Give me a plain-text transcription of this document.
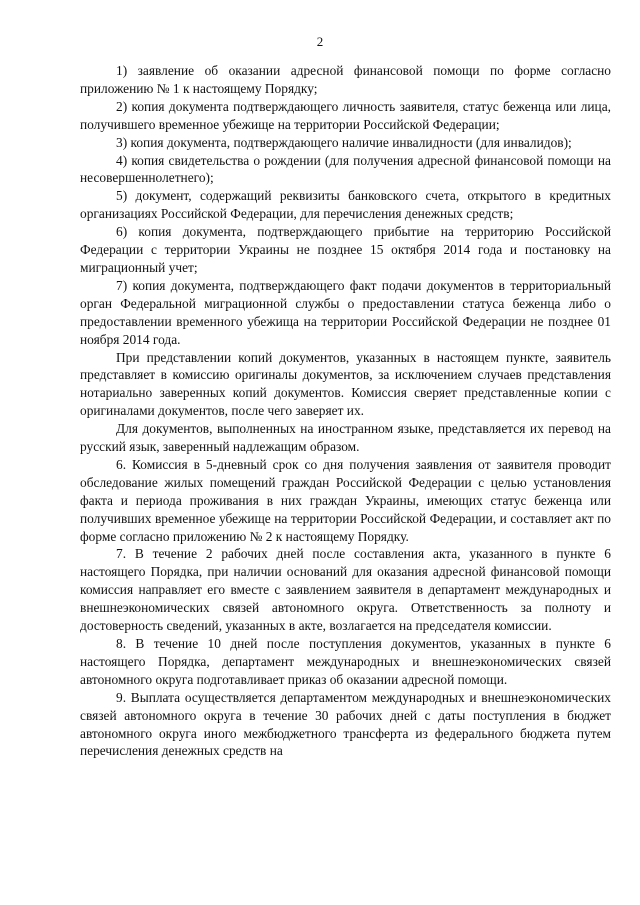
2

1) заявление об оказании адресной финансовой помощи по форме согласно приложению № 1 к настоящему Порядку;

2) копия документа подтверждающего личность заявителя, статус беженца или лица, получившего временное убежище на территории Российской Федерации;

3) копия документа, подтверждающего наличие инвалидности (для инвалидов);

4) копия свидетельства о рождении (для получения адресной финансовой помощи на несовершеннолетнего);

5) документ, содержащий реквизиты банковского счета, открытого в кредитных организациях Российской Федерации, для перечисления денежных средств;

6) копия документа, подтверждающего прибытие на территорию Российской Федерации с территории Украины не позднее 15 октября 2014 года и постановку на миграционный учет;

7) копия документа, подтверждающего факт подачи документов в территориальный орган Федеральной миграционной службы о предоставлении статуса беженца либо о предоставлении временного убежища на территории Российской Федерации не позднее 01 ноября 2014 года.

При представлении копий документов, указанных в настоящем пункте, заявитель представляет в комиссию оригиналы документов, за исключением случаев представления нотариально заверенных копий документов. Комиссия сверяет представленные копии с оригиналами документов, после чего заверяет их.

Для документов, выполненных на иностранном языке, представляется их перевод на русский язык, заверенный надлежащим образом.

6. Комиссия в 5-дневный срок со дня получения заявления от заявителя проводит обследование жилых помещений граждан Российской Федерации с целью установления факта и периода проживания в них граждан Украины, имеющих статус беженца или получивших временное убежище на территории Российской Федерации, и составляет акт по форме согласно приложению № 2 к настоящему Порядку.

7. В течение 2 рабочих дней после составления акта, указанного в пункте 6 настоящего Порядка, при наличии оснований для оказания адресной финансовой помощи комиссия направляет его вместе с заявлением заявителя в департамент международных и внешнеэкономических связей автономного округа. Ответственность за полноту и достоверность сведений, указанных в акте, возлагается на председателя комиссии.

8. В течение 10 дней после поступления документов, указанных в пункте 6 настоящего Порядка, департамент международных и внешнеэкономических связей автономного округа подготавливает приказ об оказании адресной помощи.

9. Выплата осуществляется департаментом международных и внешнеэкономических связей автономного округа в течение 30 рабочих дней с даты поступления в бюджет автономного округа иного межбюджетного трансферта из федерального бюджета путем перечисления денежных средств на
